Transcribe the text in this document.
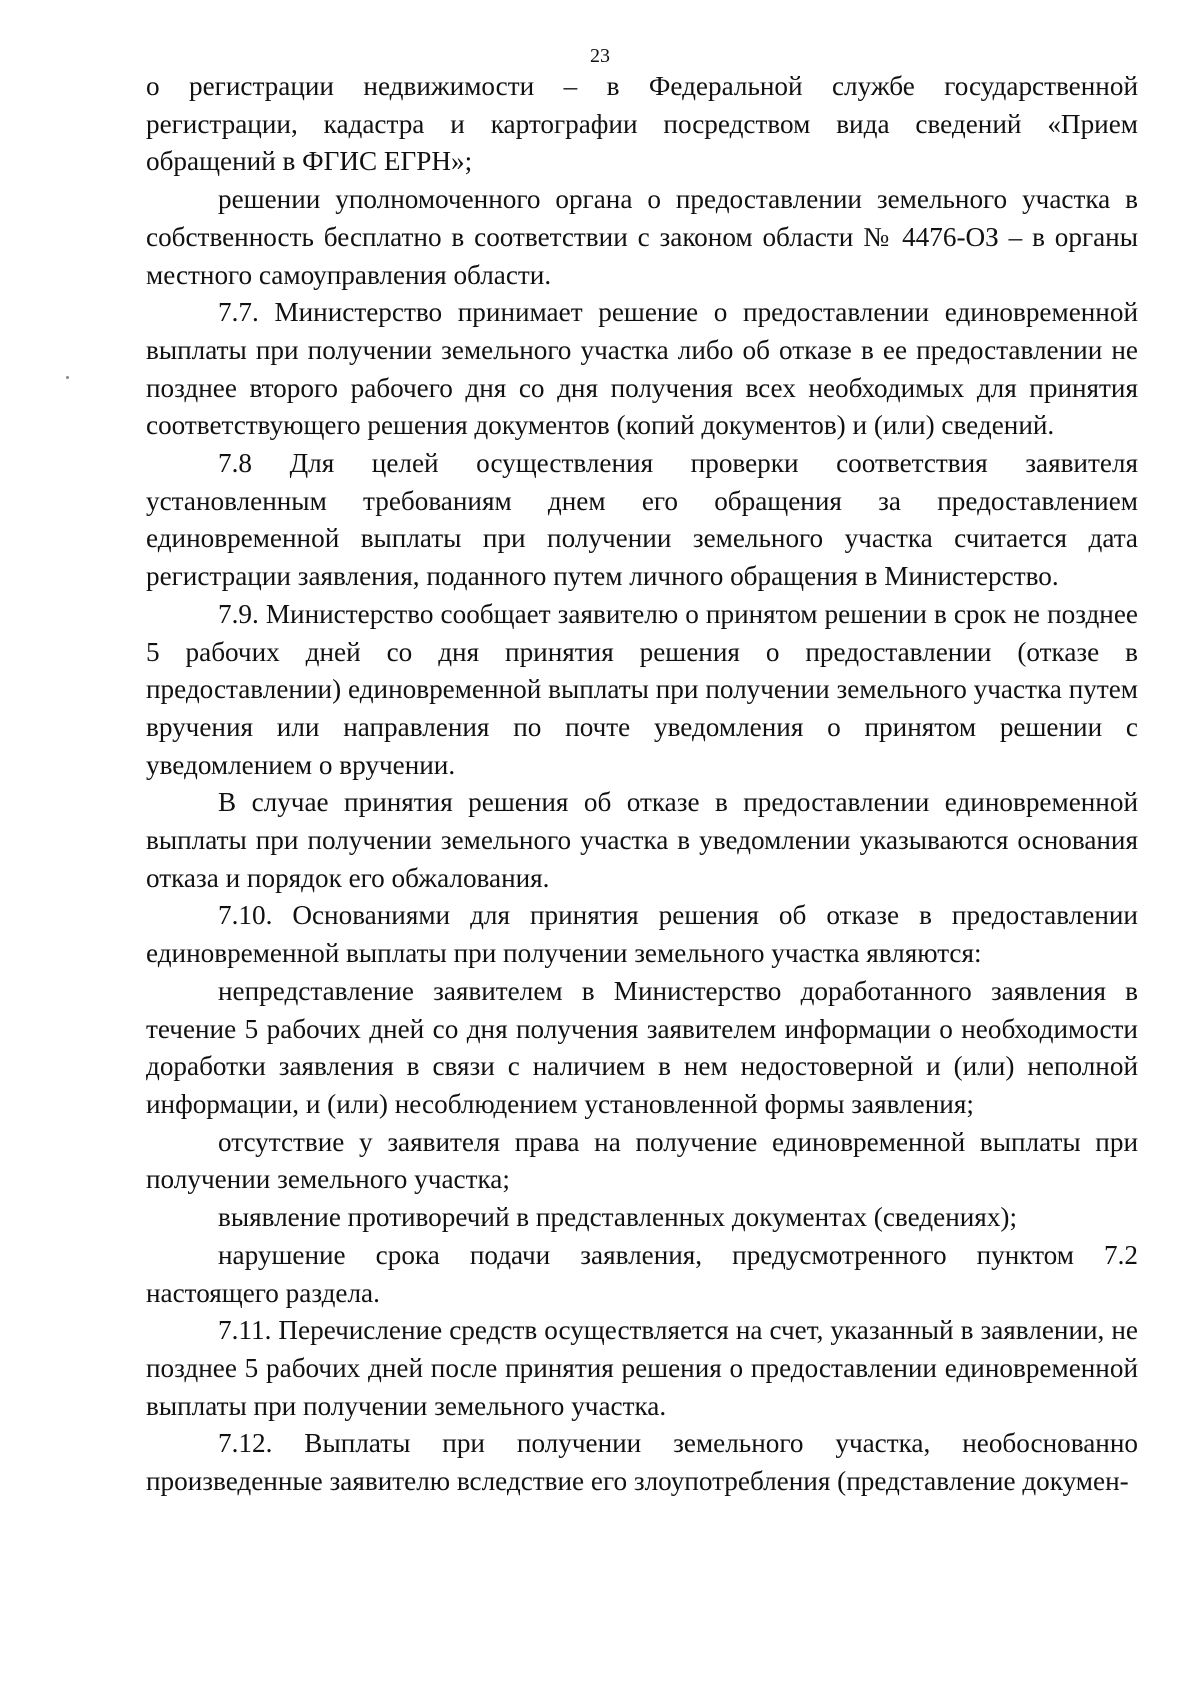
23

о регистрации недвижимости – в Федеральной службе государственной регистрации, кадастра и картографии посредством вида сведений «Прием обращений в ФГИС ЕГРН»;

решении уполномоченного органа о предоставлении земельного участка в собственность бесплатно в соответствии с законом области № 4476-ОЗ – в органы местного самоуправления области.

7.7. Министерство принимает решение о предоставлении единовременной выплаты при получении земельного участка либо об отказе в ее предоставлении не позднее второго рабочего дня со дня получения всех необходимых для принятия соответствующего решения документов (копий документов) и (или) сведений.

7.8 Для целей осуществления проверки соответствия заявителя установленным требованиям днем его обращения за предоставлением единовременной выплаты при получении земельного участка считается дата регистрации заявления, поданного путем личного обращения в Министерство.

7.9. Министерство сообщает заявителю о принятом решении в срок не позднее 5 рабочих дней со дня принятия решения о предоставлении (отказе в предоставлении) единовременной выплаты при получении земельного участка путем вручения или направления по почте уведомления о принятом решении с уведомлением о вручении.

В случае принятия решения об отказе в предоставлении единовременной выплаты при получении земельного участка в уведомлении указываются основания отказа и порядок его обжалования.

7.10. Основаниями для принятия решения об отказе в предоставлении единовременной выплаты при получении земельного участка являются:

непредставление заявителем в Министерство доработанного заявления в течение 5 рабочих дней со дня получения заявителем информации о необходимости доработки заявления в связи с наличием в нем недостоверной и (или) неполной информации, и (или) несоблюдением установленной формы заявления;

отсутствие у заявителя права на получение единовременной выплаты при получении земельного участка;

выявление противоречий в представленных документах (сведениях);

нарушение срока подачи заявления, предусмотренного пунктом 7.2 настоящего раздела.

7.11. Перечисление средств осуществляется на счет, указанный в заявлении, не позднее 5 рабочих дней после принятия решения о предоставлении единовременной выплаты при получении земельного участка.

7.12. Выплаты при получении земельного участка, необоснованно произведенные заявителю вследствие его злоупотребления (представление докумен-
